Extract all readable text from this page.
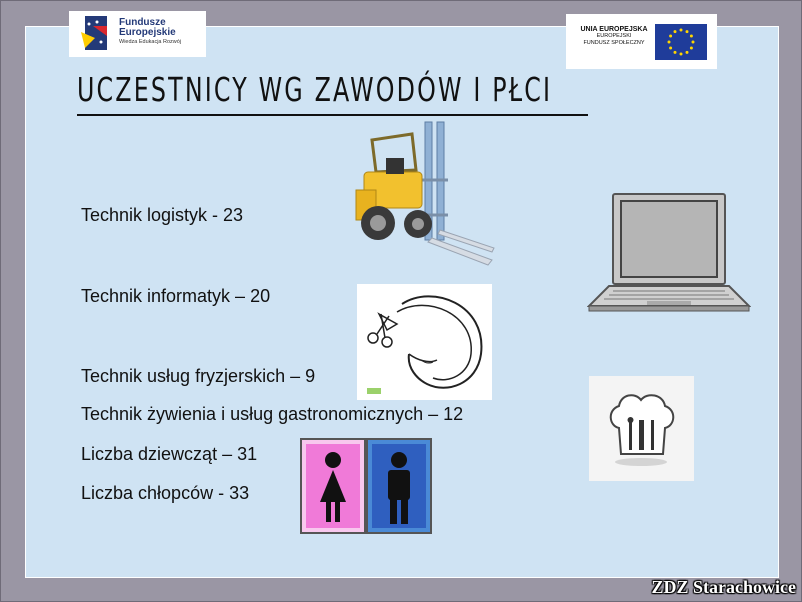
Fundusze
Europejskie
Wiedza Edukacja Rozwój
UNIA EUROPEJSKA
EUROPEJSKI
FUNDUSZ SPOŁECZNY
UCZESTNICY WG ZAWODÓW I PŁCI
Technik logistyk - 23
Technik informatyk – 20
Technik usług fryzjerskich – 9
Technik żywienia i usług gastronomicznych – 12
Liczba dziewcząt – 31
Liczba chłopców - 33
ZDZ Starachowice
